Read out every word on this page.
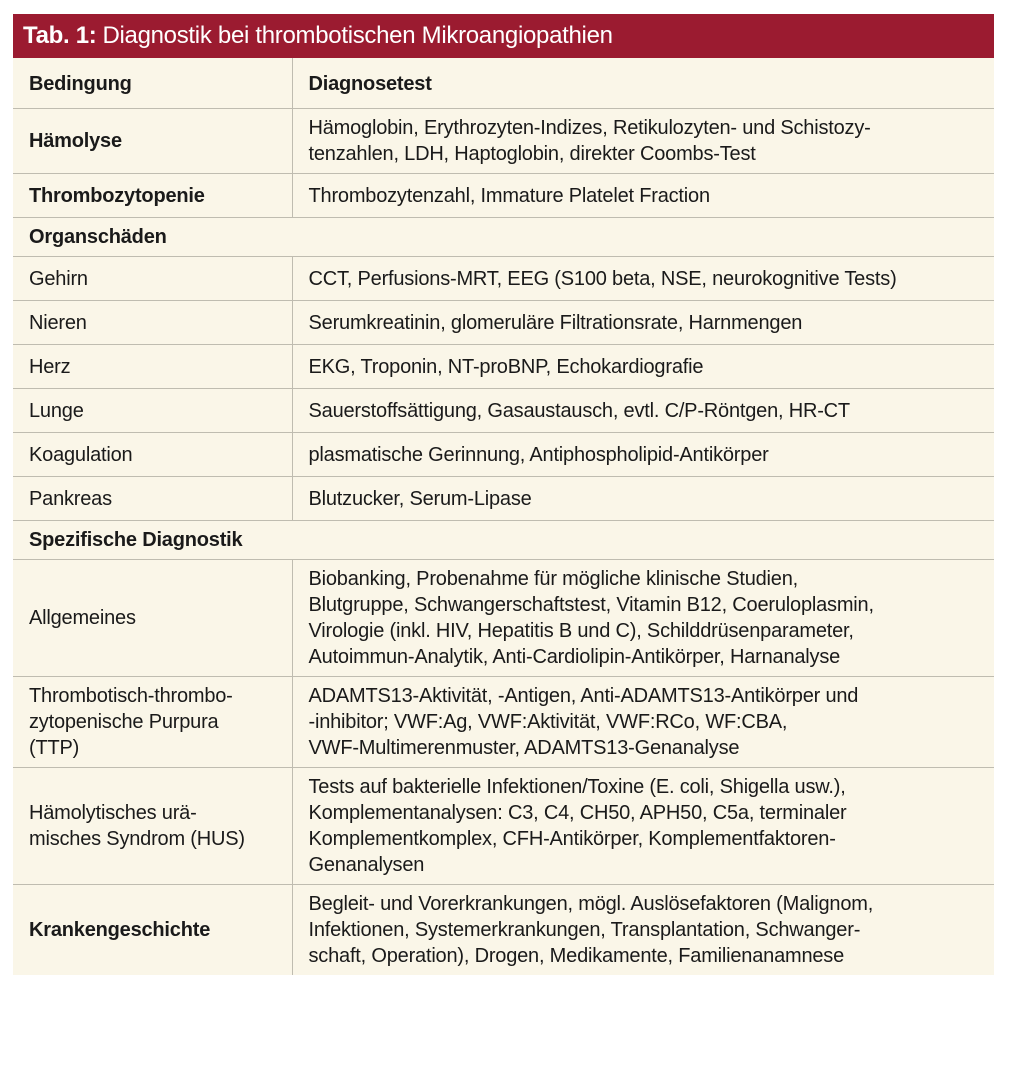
Tab. 1: Diagnostik bei thrombotischen Mikroangiopathien
Bedingung	Diagnosetest

Hämolyse	Hämoglobin, Erythrozyten-Indizes, Retikulozyten- und Schistozy-
tenzahlen, LDH, Haptoglobin, direkter Coombs-Test

Thrombozytopenie	Thrombozytenzahl, Immature Platelet Fraction

Organschäden	

Gehirn	CCT, Perfusions-MRT, EEG (S100 beta, NSE, neurokognitive Tests)

Nieren	Serumkreatinin, glomeruläre Filtrationsrate, Harnmengen

Herz	EKG, Troponin, NT-proBNP, Echokardiografie

Lunge	Sauerstoffsättigung, Gasaustausch, evtl. C/P-Röntgen, HR-CT

Koagulation	plasmatische Gerinnung, Antiphospholipid-Antikörper

Pankreas	Blutzucker, Serum-Lipase

Spezifische Diagnostik	

Allgemeines	Biobanking, Probenahme für mögliche klinische Studien,
Blutgruppe, Schwangerschaftstest, Vitamin B12, Coeruloplasmin,
Virologie (inkl. HIV, Hepatitis B und C), Schilddrüsenparameter,
Autoimmun-Analytik, Anti-Cardiolipin-Antikörper, Harnanalyse

Thrombotisch-thrombo-
zytopenische Purpura
(TTP)	ADAMTS13-Aktivität, -Antigen, Anti-ADAMTS13-Antikörper und
-inhibitor; VWF:Ag, VWF:Aktivität, VWF:RCo, WF:CBA,
VWF-Multimerenmuster, ADAMTS13-Genanalyse

Hämolytisches urä-
misches Syndrom (HUS)	Tests auf bakterielle Infektionen/Toxine (E. coli, Shigella usw.),
Komplementanalysen: C3, C4, CH50, APH50, C5a, terminaler
Komplementkomplex, CFH-Antikörper, Komplementfaktoren-
Genanalysen

Krankengeschichte	Begleit- und Vorerkrankungen, mögl. Auslösefaktoren (Malignom,
Infektionen, Systemerkrankungen, Transplantation, Schwanger-
schaft, Operation), Drogen, Medikamente, Familienanamnese
